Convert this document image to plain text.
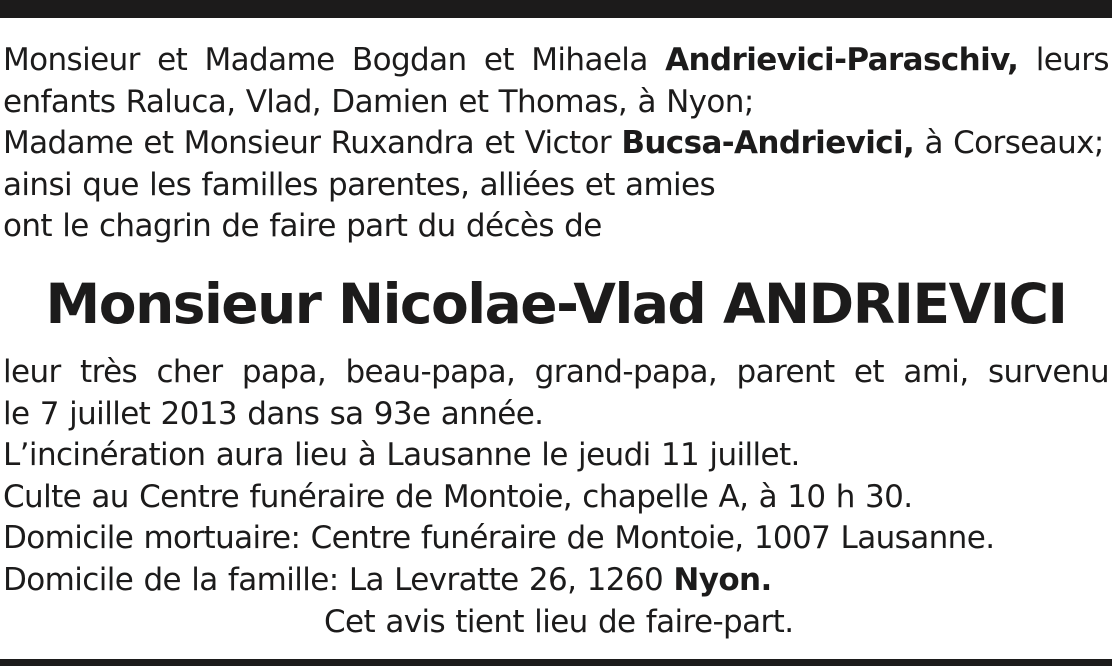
Monsieur et Madame Bogdan et Mihaela Andrievici-Paraschiv, leurs

enfants Raluca, Vlad, Damien et Thomas, à Nyon;

Madame et Monsieur Ruxandra et Victor Bucsa-Andrievici, à Corseaux;

ainsi que les familles parentes, alliées et amies

ont le chagrin de faire part du décès de

Monsieur Nicolae-Vlad ANDRIEVICI

leur très cher papa, beau-papa, grand-papa, parent et ami, survenu

le 7 juillet 2013 dans sa 93e année.

L’incinération aura lieu à Lausanne le jeudi 11 juillet.

Culte au Centre funéraire de Montoie, chapelle A, à 10 h 30.

Domicile mortuaire: Centre funéraire de Montoie, 1007 Lausanne.

Domicile de la famille: La Levratte 26, 1260 Nyon.

Cet avis tient lieu de faire-part.
